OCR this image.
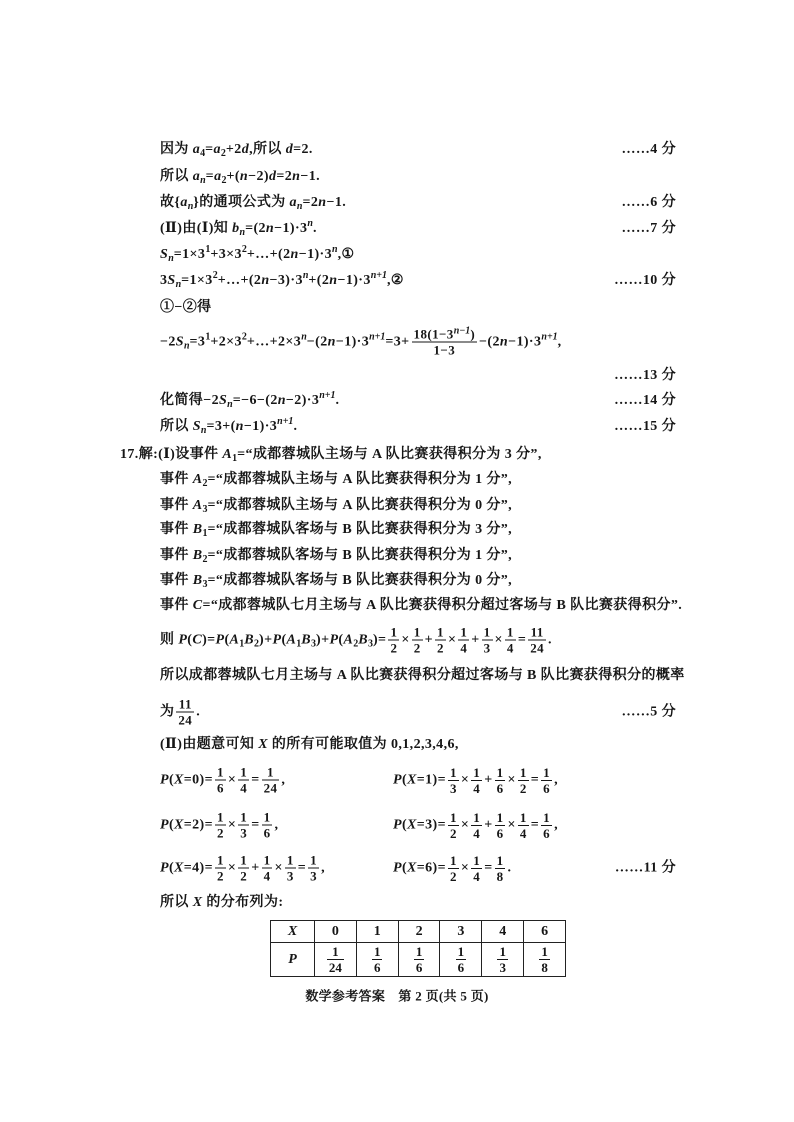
因为 $a_4=a_2+2d$,所以 d=2.	……4 分
所以 $a_n=a_2+(n-2)d=2n-1$.
故$\{a_n\}$的通项公式为 $a_n=2n-1$.	……6 分
(Ⅱ)由(Ⅰ)知 $b_n=(2n-1)\cdot 3^n$.	……7 分
$S_n=1\times 3^1+3\times 3^2+\dots+(2n-1)\cdot 3^n,①$
$3S_n=1\times 3^2+\dots+(2n-3)\cdot 3^n+(2n-1)\cdot 3^{n+1},②$	……10 分
①−②得
$-2S_n=3^1+2\times 3^2+\dots+2\times 3^n-(2n-1)\cdot 3^{n+1}=3+ \frac{18(1-3^{n-1})}{1-3} -(2n-1)\cdot 3^{n+1}$,
……13 分
化简得$-2S_n=-6-(2n-2)\cdot 3^{n+1}$.	……14 分
所以 $S_n=3+(n-1)\cdot 3^{n+1}$.	……15 分
17.解:(Ⅰ)设事件 $A_1=“$成都蓉城队主场与 A 队比赛获得积分为 3 分”,
事件 $A_2=“$成都蓉城队主场与 A 队比赛获得积分为 1 分”,
事件 $A_3=“$成都蓉城队主场与 A 队比赛获得积分为 0 分”,
事件 $B_1=“$成都蓉城队客场与 B 队比赛获得积分为 3 分”,
事件 $B_2=“$成都蓉城队客场与 B 队比赛获得积分为 1 分”,
事件 $B_3=“$成都蓉城队客场与 B 队比赛获得积分为 0 分”,
事件 C=“成都蓉城队七月主场与 A 队比赛获得积分超过客场与 B 队比赛获得积分”.
则 $P(C)=P(A_1B_2)+P(A_1B_3)+P(A_2B_3)= \frac{1}{2} \times \frac{1}{2} + \frac{1}{2} \times \frac{1}{4} + \frac{1}{3} \times \frac{1}{4} = \frac{11}{24}$ .
所以成都蓉城队七月主场与 A 队比赛获得积分超过客场与 B 队比赛获得积分的概率
为 $\frac{11}{24}$ .	……5 分
(Ⅱ)由题意可知 X 的所有可能取值为 0,1,2,3,4,6,
$P(X=0)= \frac{1}{6} \times \frac{1}{4} = \frac{1}{24}$ ,	$P(X=1)= \frac{1}{3} \times \frac{1}{4} + \frac{1}{6} \times \frac{1}{2} = \frac{1}{6}$ ,
$P(X=2)= \frac{1}{2} \times \frac{1}{3} = \frac{1}{6}$ ,	$P(X=3)= \frac{1}{2} \times \frac{1}{4} + \frac{1}{6} \times \frac{1}{4} = \frac{1}{6}$ ,
$P(X=4)= \frac{1}{2} \times \frac{1}{2} + \frac{1}{4} \times \frac{1}{3} = \frac{1}{3}$ ,	$P(X=6)= \frac{1}{2} \times \frac{1}{4} = \frac{1}{8}$ .	……11 分
所以 X 的分布列为:
X	0	1	2	3	4	6
P	$\frac{1}{24}$	$\frac{1}{6}$	$\frac{1}{6}$	$\frac{1}{6}$	$\frac{1}{3}$	$\frac{1}{8}$
数学参考答案　第 2 页(共 5 页)
